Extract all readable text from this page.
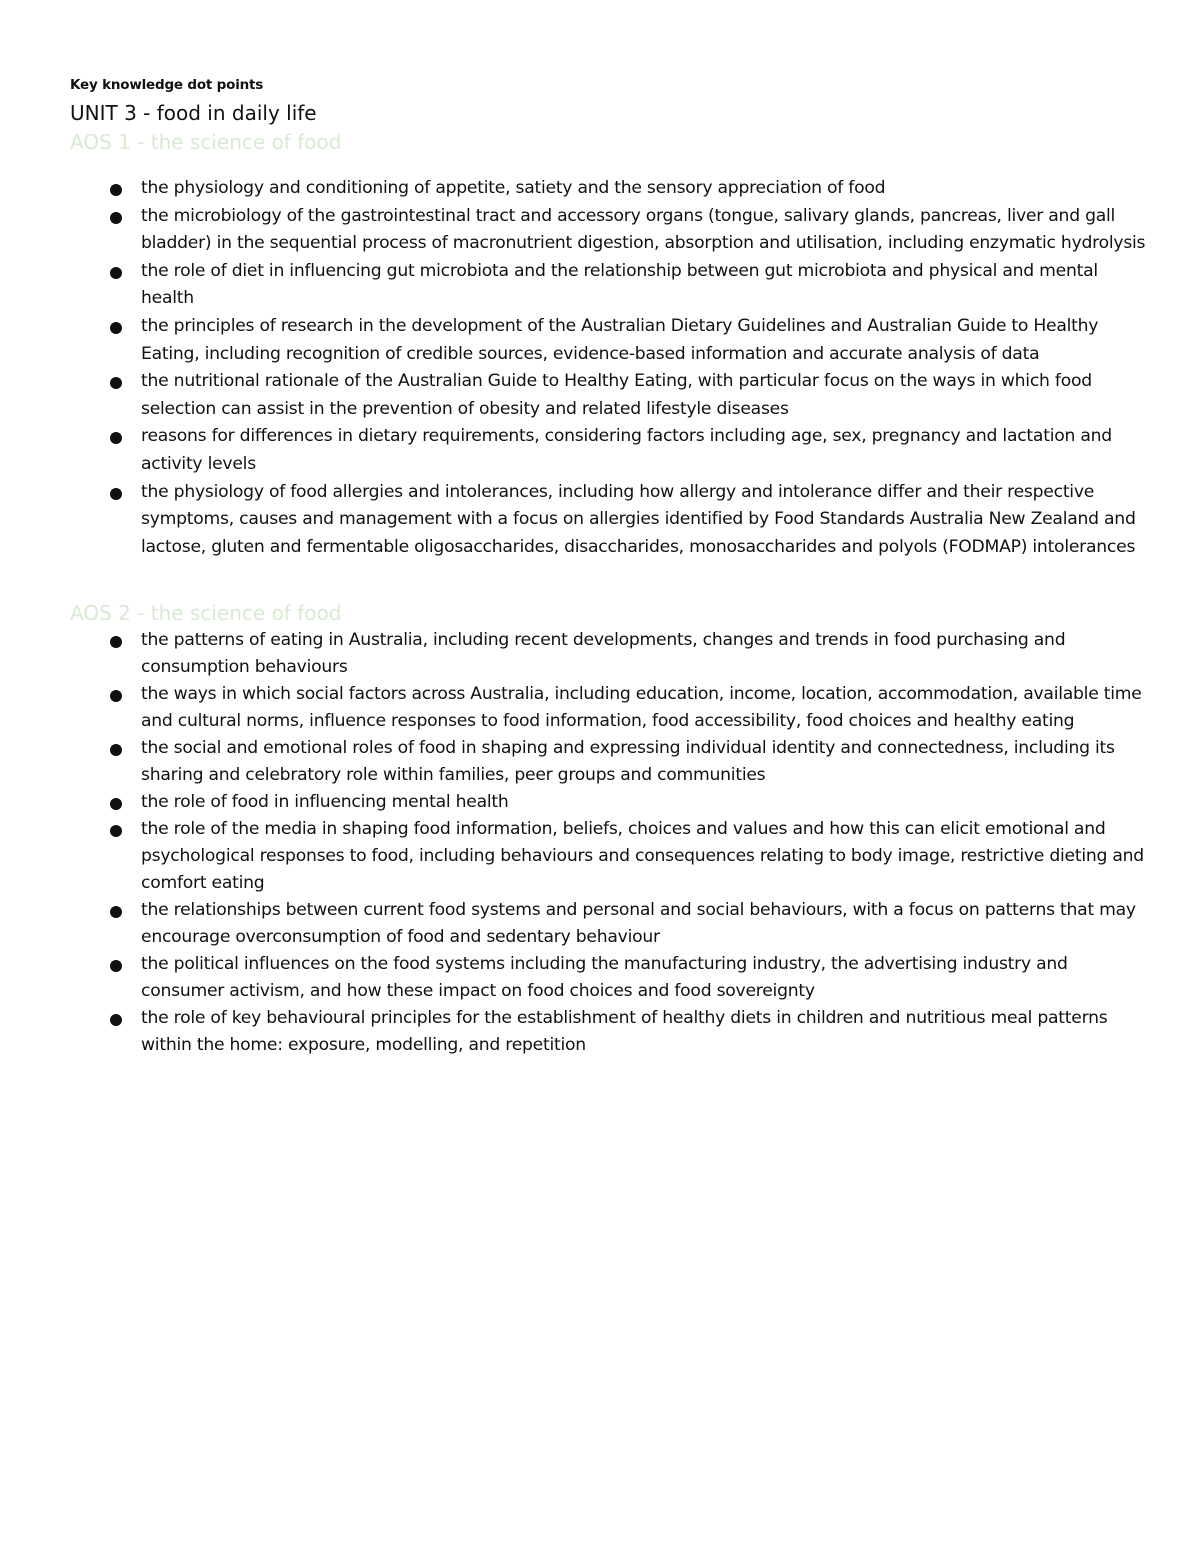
Key knowledge dot points

UNIT 3 - food in daily life
AOS 1 - the science of food
the physiology and conditioning of appetite, satiety and the sensory appreciation of food
the microbiology of the gastrointestinal tract and accessory organs (tongue, salivary glands, pancreas, liver and gall bladder) in the sequential process of macronutrient digestion, absorption and utilisation, including enzymatic hydrolysis
the role of diet in influencing gut microbiota and the relationship between gut microbiota and physical and mental health
the principles of research in the development of the Australian Dietary Guidelines and Australian Guide to Healthy Eating, including recognition of credible sources, evidence-based information and accurate analysis of data
the nutritional rationale of the Australian Guide to Healthy Eating, with particular focus on the ways in which food selection can assist in the prevention of obesity and related lifestyle diseases
reasons for differences in dietary requirements, considering factors including age, sex, pregnancy and lactation and activity levels
the physiology of food allergies and intolerances, including how allergy and intolerance differ and their respective symptoms, causes and management with a focus on allergies identified by Food Standards Australia New Zealand and lactose, gluten and fermentable oligosaccharides, disaccharides, monosaccharides and polyols (FODMAP) intolerances
AOS 2 - the science of food
the patterns of eating in Australia, including recent developments, changes and trends in food purchasing and consumption behaviours
the ways in which social factors across Australia, including education, income, location, accommodation, available time and cultural norms, influence responses to food information, food accessibility, food choices and healthy eating
the social and emotional roles of food in shaping and expressing individual identity and connectedness, including its sharing and celebratory role within families, peer groups and communities
the role of food in influencing mental health
the role of the media in shaping food information, beliefs, choices and values and how this can elicit emotional and psychological responses to food, including behaviours and consequences relating to body image, restrictive dieting and comfort eating
the relationships between current food systems and personal and social behaviours, with a focus on patterns that may encourage overconsumption of food and sedentary behaviour
the political influences on the food systems including the manufacturing industry, the advertising industry and consumer activism, and how these impact on food choices and food sovereignty
the role of key behavioural principles for the establishment of healthy diets in children and nutritious meal patterns within the home: exposure, modelling, and repetition
